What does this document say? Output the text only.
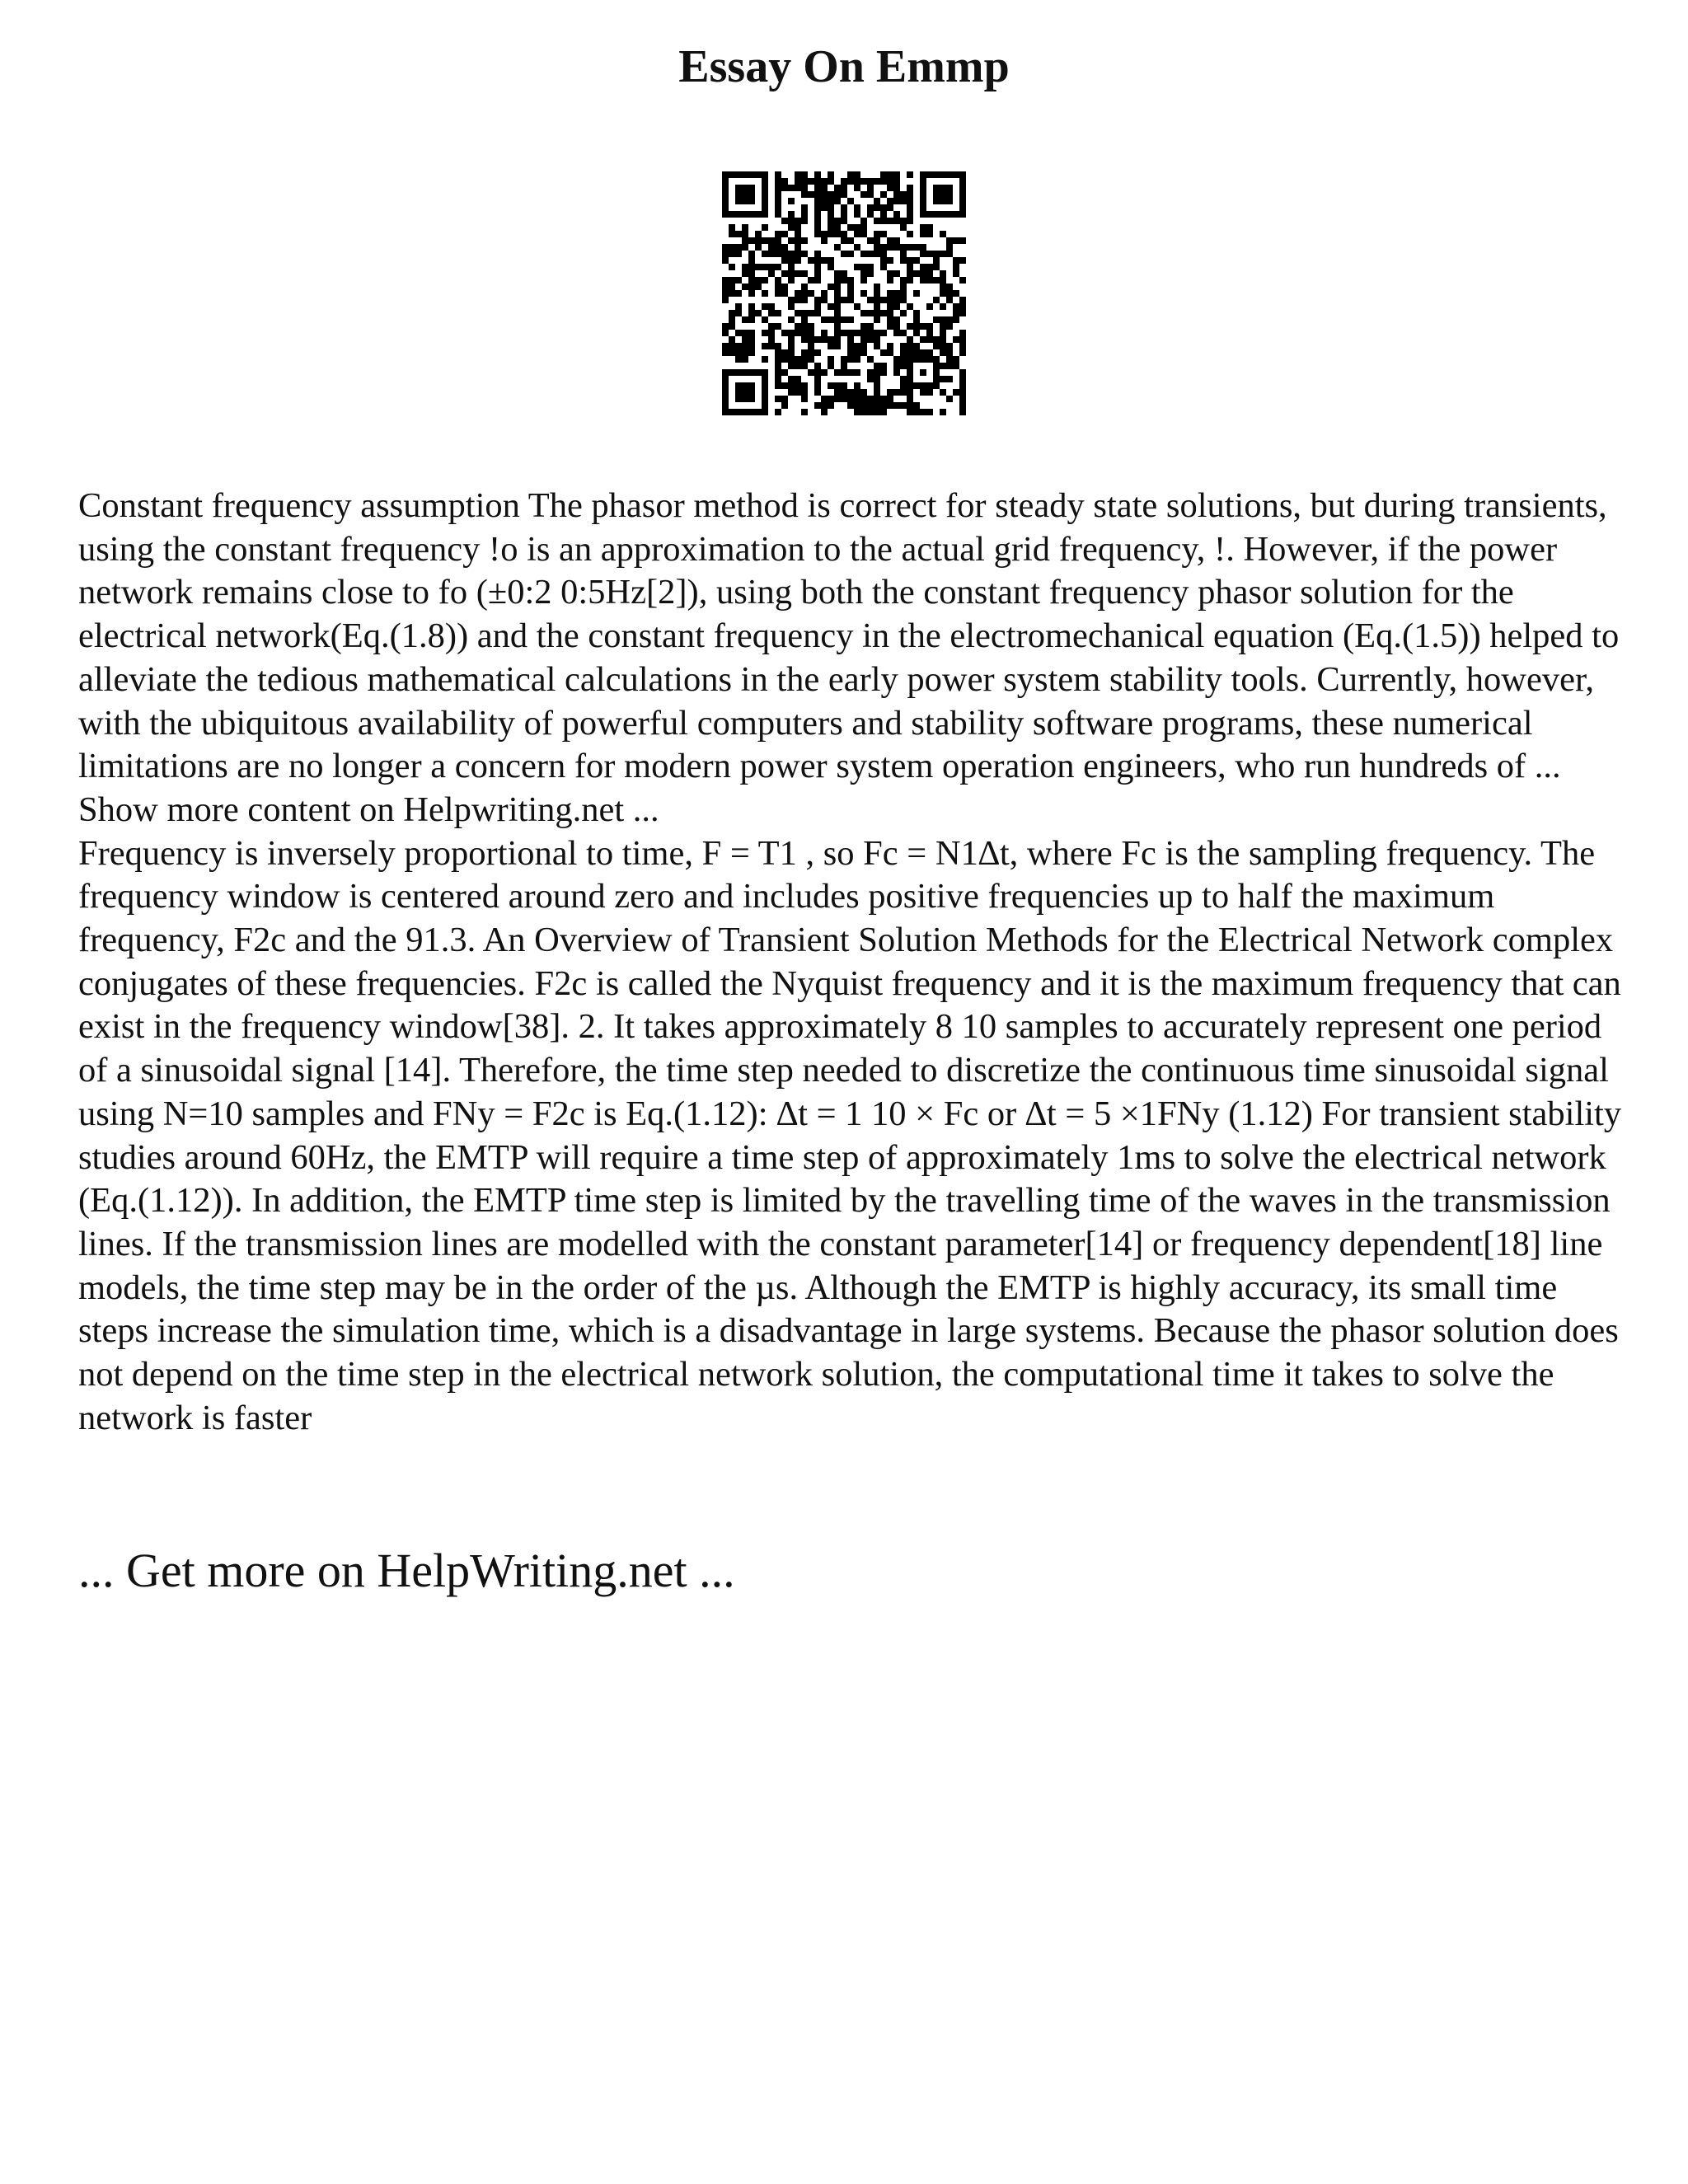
Essay On Emmp

Constant frequency assumption The phasor method is correct for steady state solutions, but during transients, using the constant frequency !o is an approximation to the actual grid frequency, !. However, if the power network remains close to fo (±0:2 0:5Hz[2]), using both the constant frequency phasor solution for the electrical network(Eq.(1.8)) and the constant frequency in the electromechanical equation (Eq.(1.5)) helped to alleviate the tedious mathematical calculations in the early power system stability tools. Currently, however, with the ubiquitous availability of powerful computers and stability software programs, these numerical limitations are no longer a concern for modern power system operation engineers, who run hundreds of ... Show more content on Helpwriting.net ...

Frequency is inversely proportional to time, F = T1 , so Fc = N1∆t, where Fc is the sampling frequency. The frequency window is centered around zero and includes positive frequencies up to half the maximum frequency, F2c and the 91.3. An Overview of Transient Solution Methods for the Electrical Network complex conjugates of these frequencies. F2c is called the Nyquist frequency and it is the maximum frequency that can exist in the frequency window[38]. 2. It takes approximately 8 10 samples to accurately represent one period of a sinusoidal signal [14]. Therefore, the time step needed to discretize the continuous time sinusoidal signal using N=10 samples and FNy = F2c is Eq.(1.12): ∆t = 1 10 × Fc or ∆t = 5 ×1FNy (1.12) For transient stability studies around 60Hz, the EMTP will require a time step of approximately 1ms to solve the electrical network (Eq.(1.12)). In addition, the EMTP time step is limited by the travelling time of the waves in the transmission lines. If the transmission lines are modelled with the constant parameter[14] or frequency dependent[18] line models, the time step may be in the order of the µs. Although the EMTP is highly accuracy, its small time steps increase the simulation time, which is a disadvantage in large systems. Because the phasor solution does not depend on the time step in the electrical network solution, the computational time it takes to solve the network is faster

... Get more on HelpWriting.net ...
